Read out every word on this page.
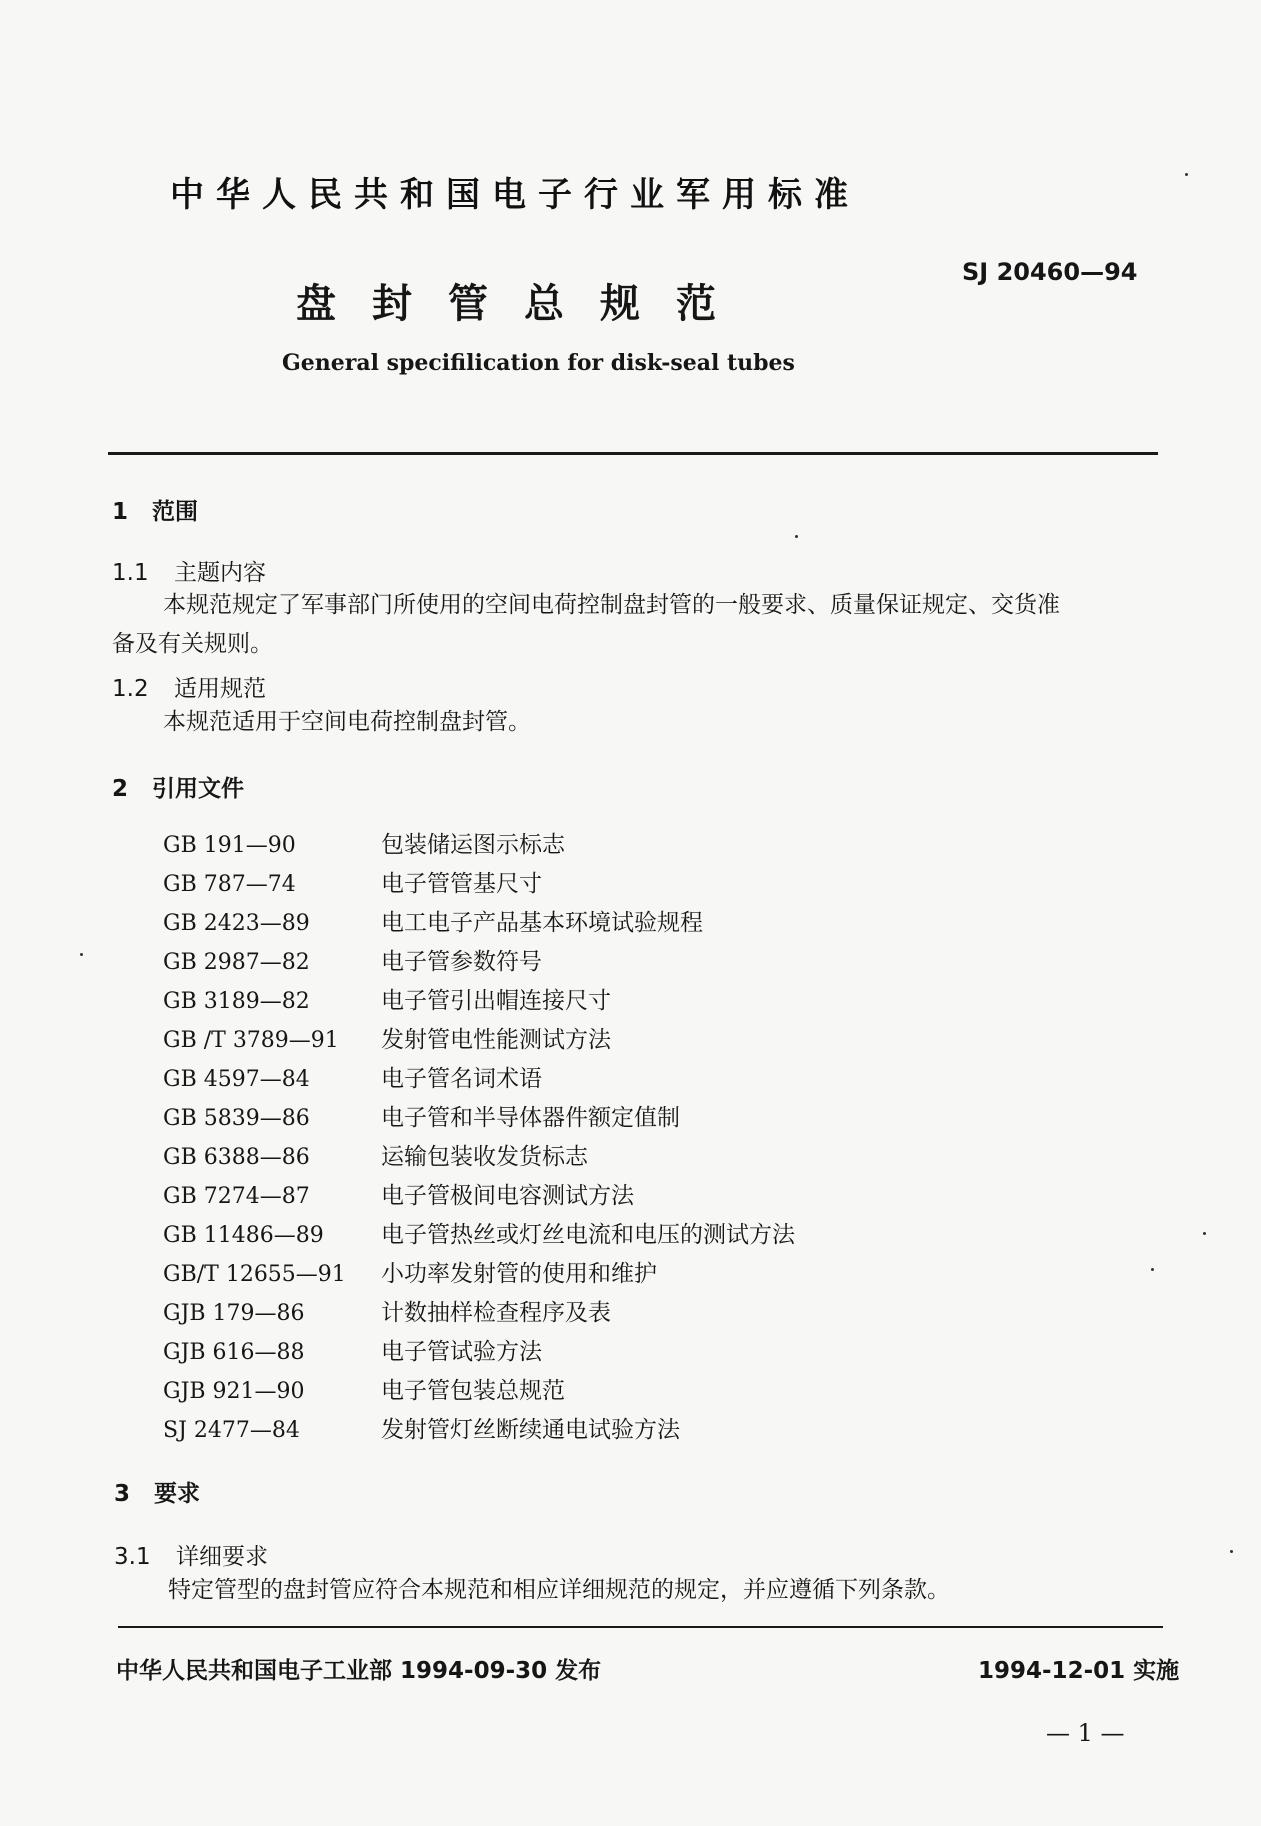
中华人民共和国电子行业军用标准
盘封管总规范
SJ 20460—94
General specifilication for disk-seal tubes
1 范围
1.1 主题内容
本规范规定了军事部门所使用的空间电荷控制盘封管的一般要求、质量保证规定、交货准
备及有关规则。
1.2 适用规范
本规范适用于空间电荷控制盘封管。
2 引用文件
GB 191—90	包装储运图示标志
GB 787—74	电子管管基尺寸
GB 2423—89	电工电子产品基本环境试验规程
GB 2987—82	电子管参数符号
GB 3189—82	电子管引出帽连接尺寸
GB /T 3789—91 发射管电性能测试方法
GB 4597—84	电子管名词术语
GB 5839—86	电子管和半导体器件额定值制
GB 6388—86	运输包装收发货标志
GB 7274—87	电子管极间电容测试方法
GB 11486—89 电子管热丝或灯丝电流和电压的测试方法
GB/T 12655—91 小功率发射管的使用和维护
GJB 179—86	计数抽样检查程序及表
GJB 616—88	电子管试验方法
GJB 921—90	电子管包装总规范
SJ 2477—84	发射管灯丝断续通电试验方法
3 要求
3.1 详细要求
特定管型的盘封管应符合本规范和相应详细规范的规定，并应遵循下列条款。
中华人民共和国电子工业部 1994-09-30 发布	1994-12-01 实施
— 1 —
